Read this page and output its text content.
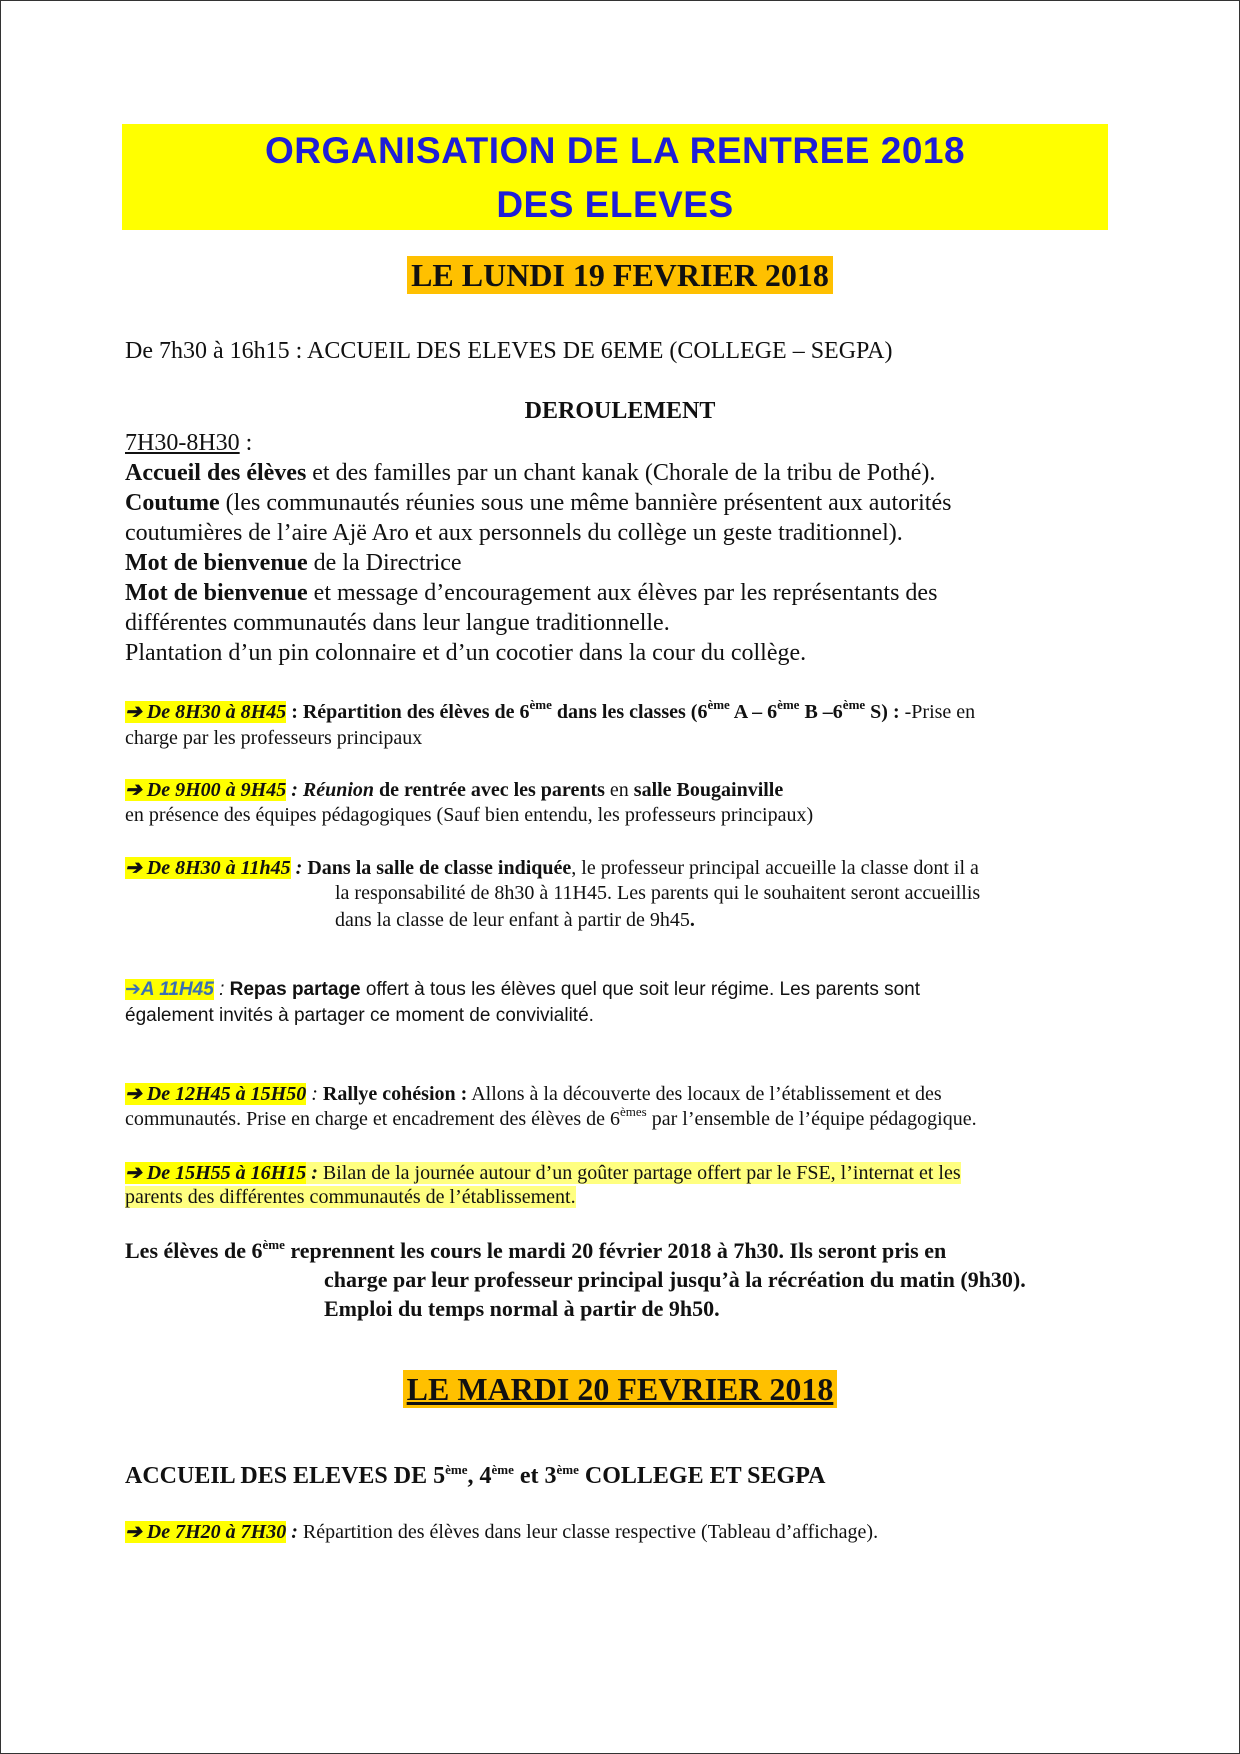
ORGANISATION DE LA RENTREE 2018
DES ELEVES
LE LUNDI 19 FEVRIER 2018
De 7h30 à 16h15 : ACCUEIL DES ELEVES DE 6EME (COLLEGE – SEGPA)
DEROULEMENT
7H30-8H30 :
Accueil des élèves et des familles par un chant kanak (Chorale de la tribu de Pothé).
Coutume (les communautés réunies sous une même bannière présentent aux autorités
coutumières de l’aire Ajë Aro et aux personnels du collège un geste traditionnel).
Mot de bienvenue de la Directrice
Mot de bienvenue et message d’encouragement aux élèves par les représentants des
différentes communautés dans leur langue traditionnelle.
Plantation d’un pin colonnaire et d’un cocotier dans la cour du collège.
➔ De 8H30 à 8H45 : Répartition des élèves de 6ème dans les classes (6ème A – 6ème B –6ème S) : -Prise en
charge par les professeurs principaux
➔ De 9H00 à 9H45 : Réunion de rentrée avec les parents en salle Bougainville
en présence des équipes pédagogiques (Sauf bien entendu, les professeurs principaux)
➔ De 8H30 à 11h45 : Dans la salle de classe indiquée, le professeur principal accueille la classe dont il a
la responsabilité de 8h30 à 11H45. Les parents qui le souhaitent seront accueillis
dans la classe de leur enfant à partir de 9h45.
➔A 11H45 : Repas partage offert à tous les élèves quel que soit leur régime. Les parents sont
également invités à partager ce moment de convivialité.
➔ De 12H45 à 15H50 : Rallye cohésion : Allons à la découverte des locaux de l’établissement et des
communautés. Prise en charge et encadrement des élèves de 6èmes par l’ensemble de l’équipe pédagogique.
➔ De 15H55 à 16H15 : Bilan de la journée autour d’un goûter partage offert par le FSE, l’internat et les
parents des différentes communautés de l’établissement.
Les élèves de 6ème reprennent les cours le mardi 20 février 2018 à 7h30. Ils seront pris en
charge par leur professeur principal jusqu’à la récréation du matin (9h30).
Emploi du temps normal à partir de 9h50.
LE MARDI 20 FEVRIER 2018
ACCUEIL DES ELEVES DE 5ème, 4ème et 3ème COLLEGE ET SEGPA
➔ De 7H20 à 7H30 : Répartition des élèves dans leur classe respective (Tableau d’affichage).
